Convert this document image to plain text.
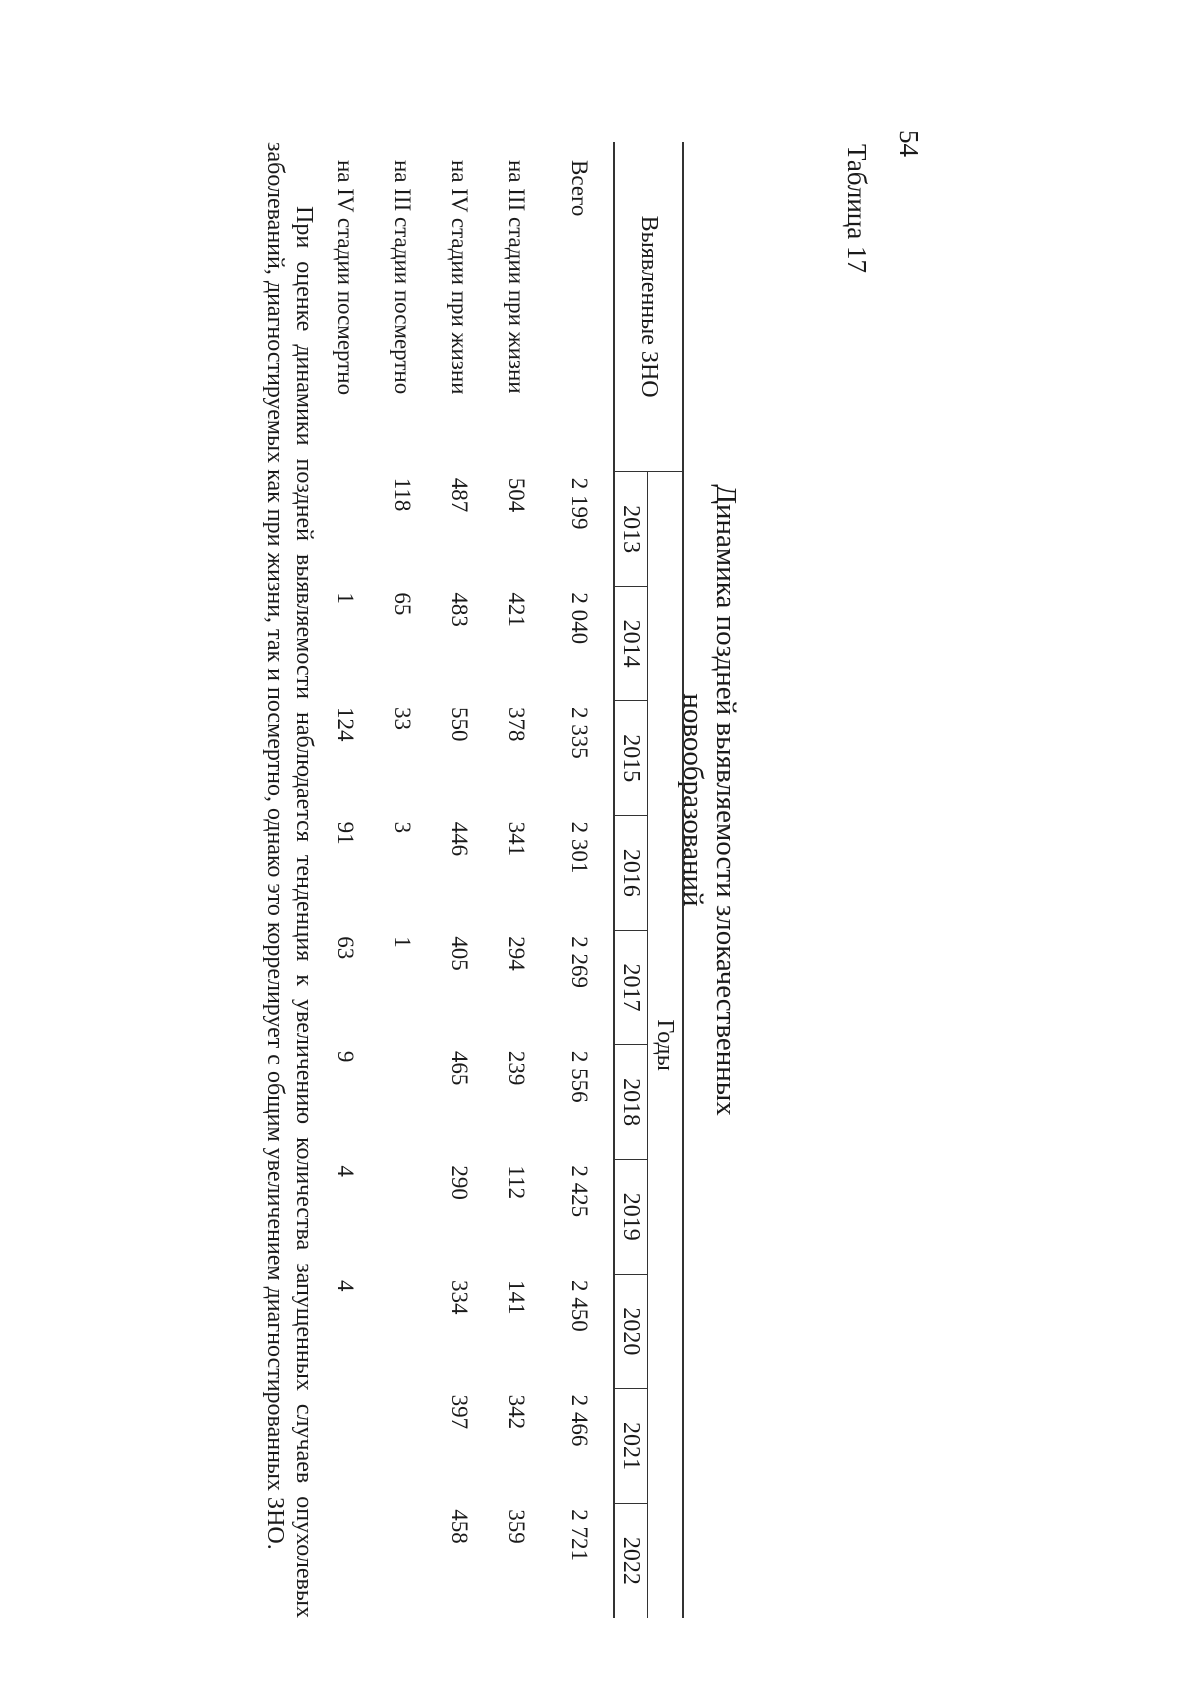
54
Таблица 17
Динамика поздней выявляемости злокачественных новообразований
Выявленные ЗНО	Годы									
	2013	2014	2015	2016	2017	2018	2019	2020	2021	2022
Всего	2 199	2 040	2 335	2 301	2 269	2 556	2 425	2 450	2 466	2 721
на III стадии при жизни	504	421	378	341	294	239	112	141	342	359
на IV стадии при жизни	487	483	550	446	405	465	290	334	397	458
на III стадии посмертно	118	65	33	3	1					
на IV стадии посмертно		1	124	91	63	9	4	4		
При оценке динамики поздней выявляемости наблюдается тенденция к увеличению количества запущенных случаев опухолевых заболеваний, диагностируемых как при жизни, так и посмертно, однако это коррелирует с общим увеличением диагностированных ЗНО.
